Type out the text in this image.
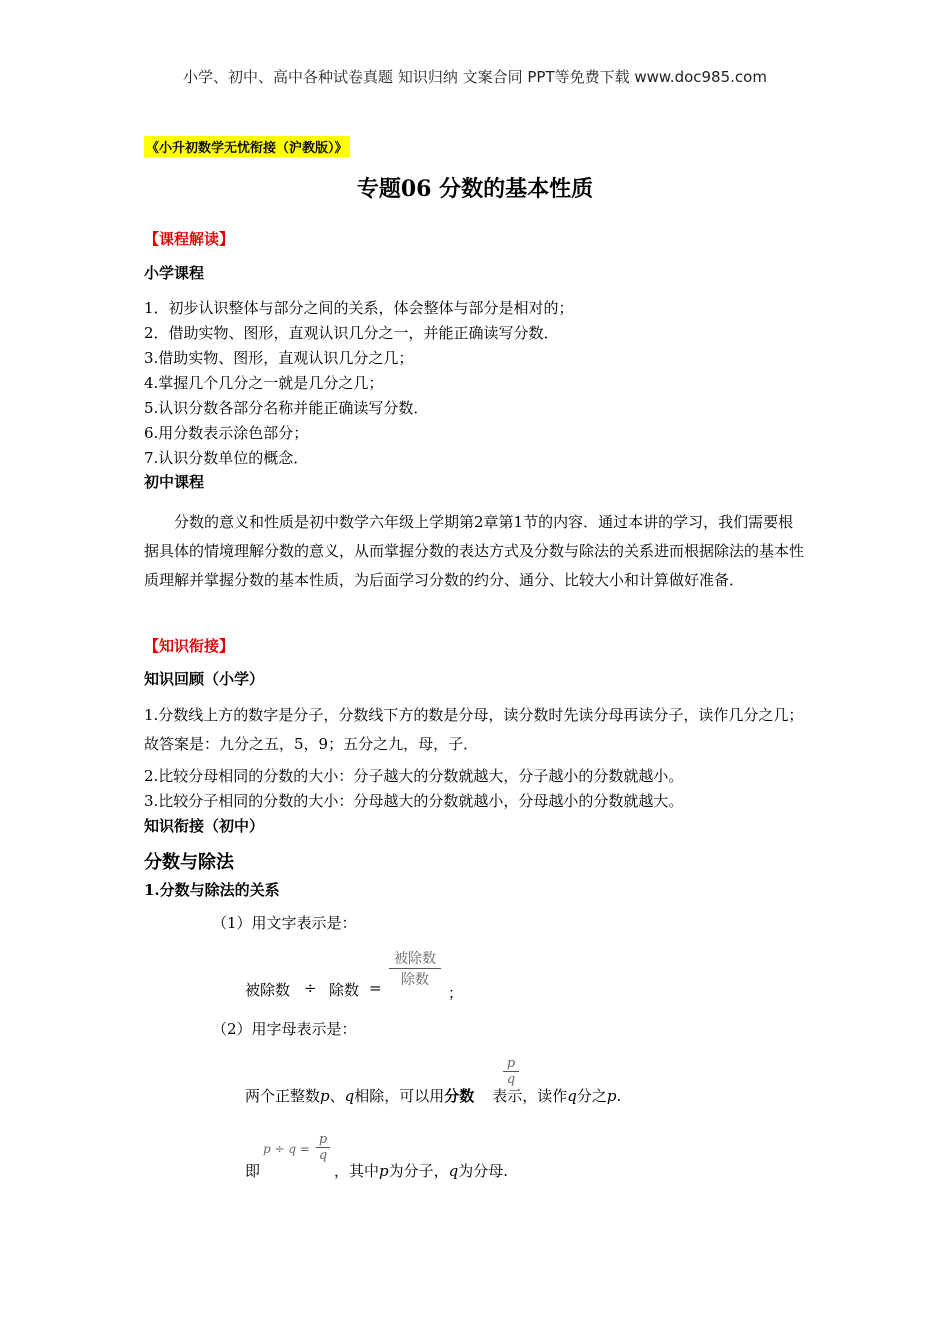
小学、初中、高中各种试卷真题 知识归纳 文案合同 PPT等免费下载 www.doc985.com
《小升初数学无忧衔接（沪教版）》
专题06 分数的基本性质
【课程解读】
小学课程
1．初步认识整体与部分之间的关系，体会整体与部分是相对的；
2．借助实物、图形，直观认识几分之一，并能正确读写分数．
3.借助实物、图形，直观认识几分之几；
4.掌握几个几分之一就是几分之几；
5.认识分数各部分名称并能正确读写分数．
6.用分数表示涂色部分；
7.认识分数单位的概念．
初中课程
分数的意义和性质是初中数学六年级上学期第2章第1节的内容．通过本讲的学习，我们需要根据具体的情境理解分数的意义，从而掌握分数的表达方式及分数与除法的关系进而根据除法的基本性质理解并掌握分数的基本性质，为后面学习分数的约分、通分、比较大小和计算做好准备．
【知识衔接】
知识回顾（小学）
1.分数线上方的数字是分子，分数线下方的数是分母，读分数时先读分母再读分子，读作几分之几；故答案是：九分之五，5，9；五分之九，母，子．
2.比较分母相同的分数的大小：分子越大的分数就越大，分子越小的分数就越小。
3.比较分子相同的分数的大小：分母越大的分数就越小，分母越小的分数就越大。
知识衔接（初中）
分数与除法
1.分数与除法的关系
（1）用文字表示是：
被除数 ÷ 除数 =
被除数
除数
；
（2）用字母表示是：
两个正整数p、q相除，可以用分数 表示，读作q分之p.
p
q
即
p ÷ q =
p
q
，其中p为分子，q为分母.
